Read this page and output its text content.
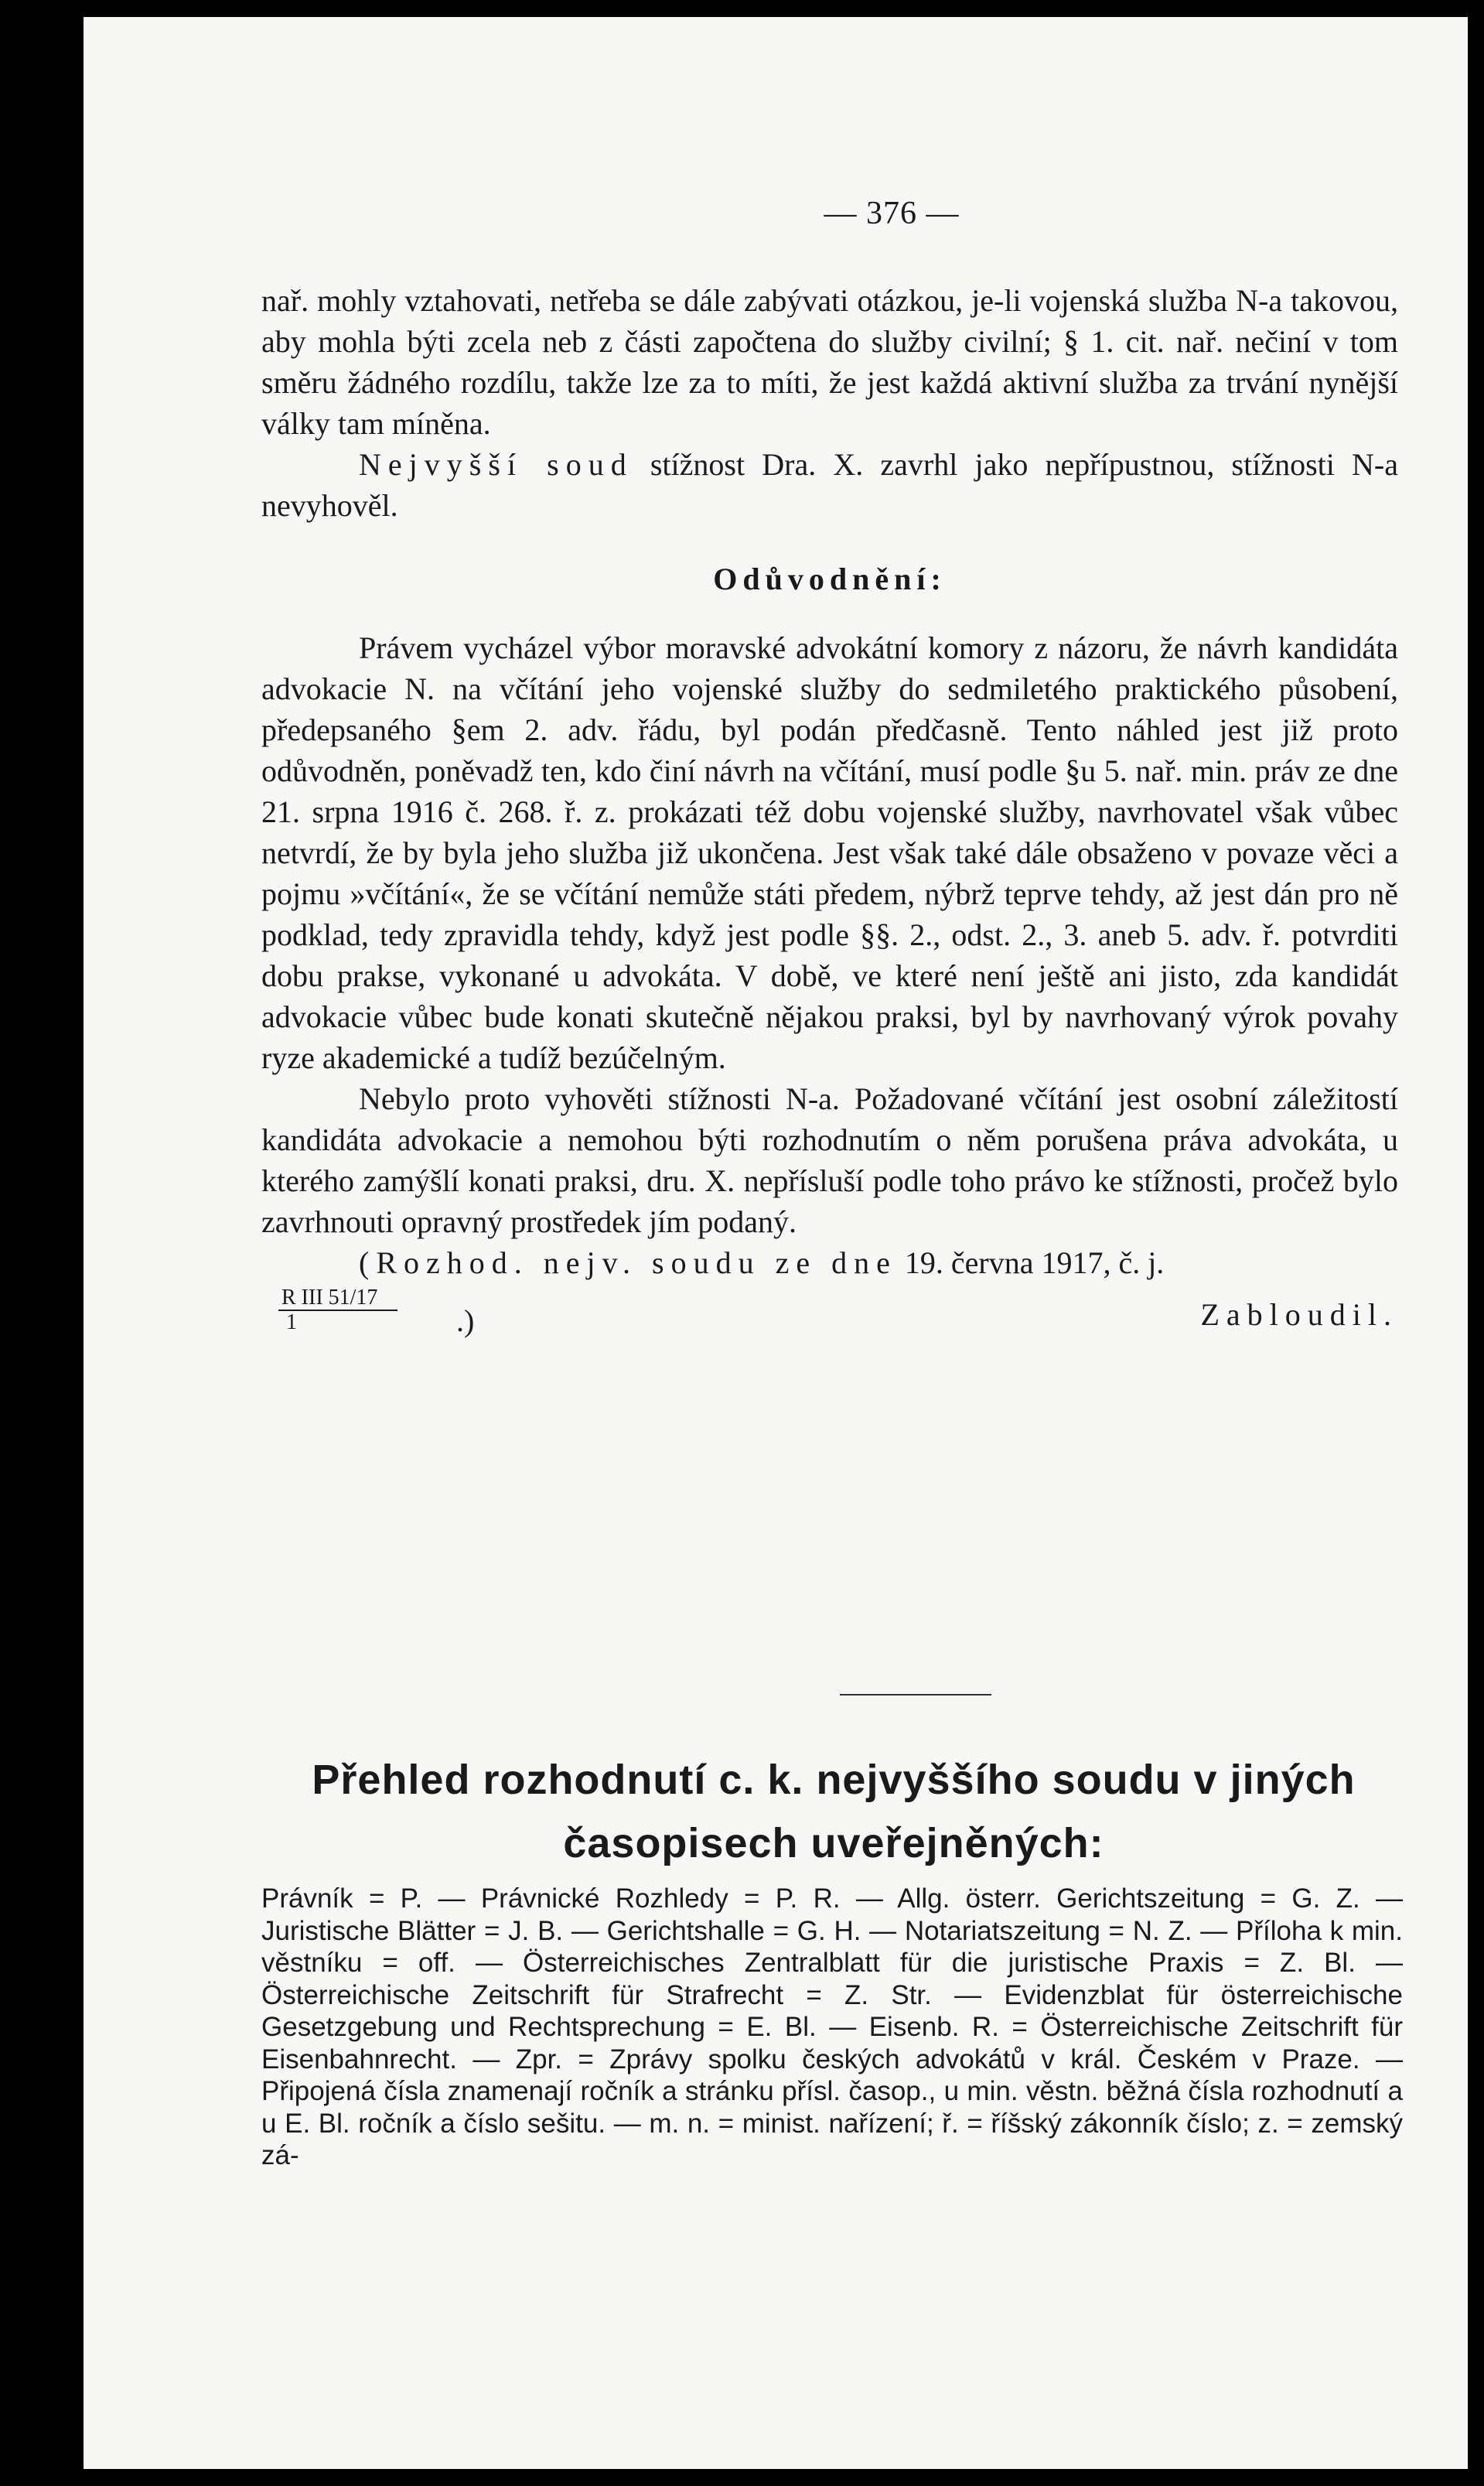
— 376 —

nař. mohly vztahovati, netřeba se dále zabývati otázkou, je-li vojenská služba N-a takovou, aby mohla býti zcela neb z části započtena do služby civilní; § 1. cit. nař. nečiní v tom směru žádného rozdílu, takže lze za to míti, že jest každá aktivní služba za trvání nynější války tam míněna.

Nejvyšší soud stížnost Dra. X. zavrhl jako nepřípustnou, stížnosti N-a nevyhověl.

Odůvodnění:

Právem vycházel výbor moravské advokátní komory z názoru, že návrh kandidáta advokacie N. na včítání jeho vojenské služby do sedmiletého praktického působení, předepsaného §em 2. adv. řádu, byl podán předčasně. Tento náhled jest již proto odůvodněn, poněvadž ten, kdo činí návrh na včítání, musí podle §u 5. nař. min. práv ze dne 21. srpna 1916 č. 268. ř. z. prokázati též dobu vojenské služby, navrhovatel však vůbec netvrdí, že by byla jeho služba již ukončena. Jest však také dále obsaženo v povaze věci a pojmu »včítání«, že se včítání nemůže státi předem, nýbrž teprve tehdy, až jest dán pro ně podklad, tedy zpravidla tehdy, když jest podle §§. 2., odst. 2., 3. aneb 5. adv. ř. potvrditi dobu prakse, vykonané u advokáta. V době, ve které není ještě ani jisto, zda kandidát advokacie vůbec bude konati skutečně nějakou praksi, byl by navrhovaný výrok povahy ryze akademické a tudíž bezúčelným.

Nebylo proto vyhověti stížnosti N-a. Požadované včítání jest osobní záležitostí kandidáta advokacie a nemohou býti rozhodnutím o něm porušena práva advokáta, u kterého zamýšlí konati praksi, dru. X. nepřísluší podle toho právo ke stížnosti, pročež bylo zavrhnouti opravný prostředek jím podaný.

(Rozhod. nejv. soudu ze dne 19. června 1917, č. j.

R III 51/17
1	.)	Zabloudil.
Přehled rozhodnutí c. k. nejvyššího soudu v jiných
časopisech uveřejněných:

Právník = P. — Právnické Rozhledy = P. R. — Allg. österr. Gerichtszeitung = G. Z. — Juristische Blätter = J. B. — Gerichtshalle = G. H. — Notariatszeitung = N. Z. — Příloha k min. věstníku = off. — Österreichisches Zentralblatt für die juristische Praxis = Z. Bl. — Österreichische Zeitschrift für Strafrecht = Z. Str. — Evidenzblat für österreichische Gesetzgebung und Rechtsprechung = E. Bl. — Eisenb. R. = Österreichische Zeitschrift für Eisenbahnrecht. — Zpr. = Zprávy spolku českých advokátů v král. Českém v Praze. — Připojená čísla znamenají ročník a stránku přísl. časop., u min. věstn. běžná čísla rozhodnutí a u E. Bl. ročník a číslo sešitu. — m. n. = minist. nařízení; ř. = říšský zákonník číslo; z. = zemský zá-
